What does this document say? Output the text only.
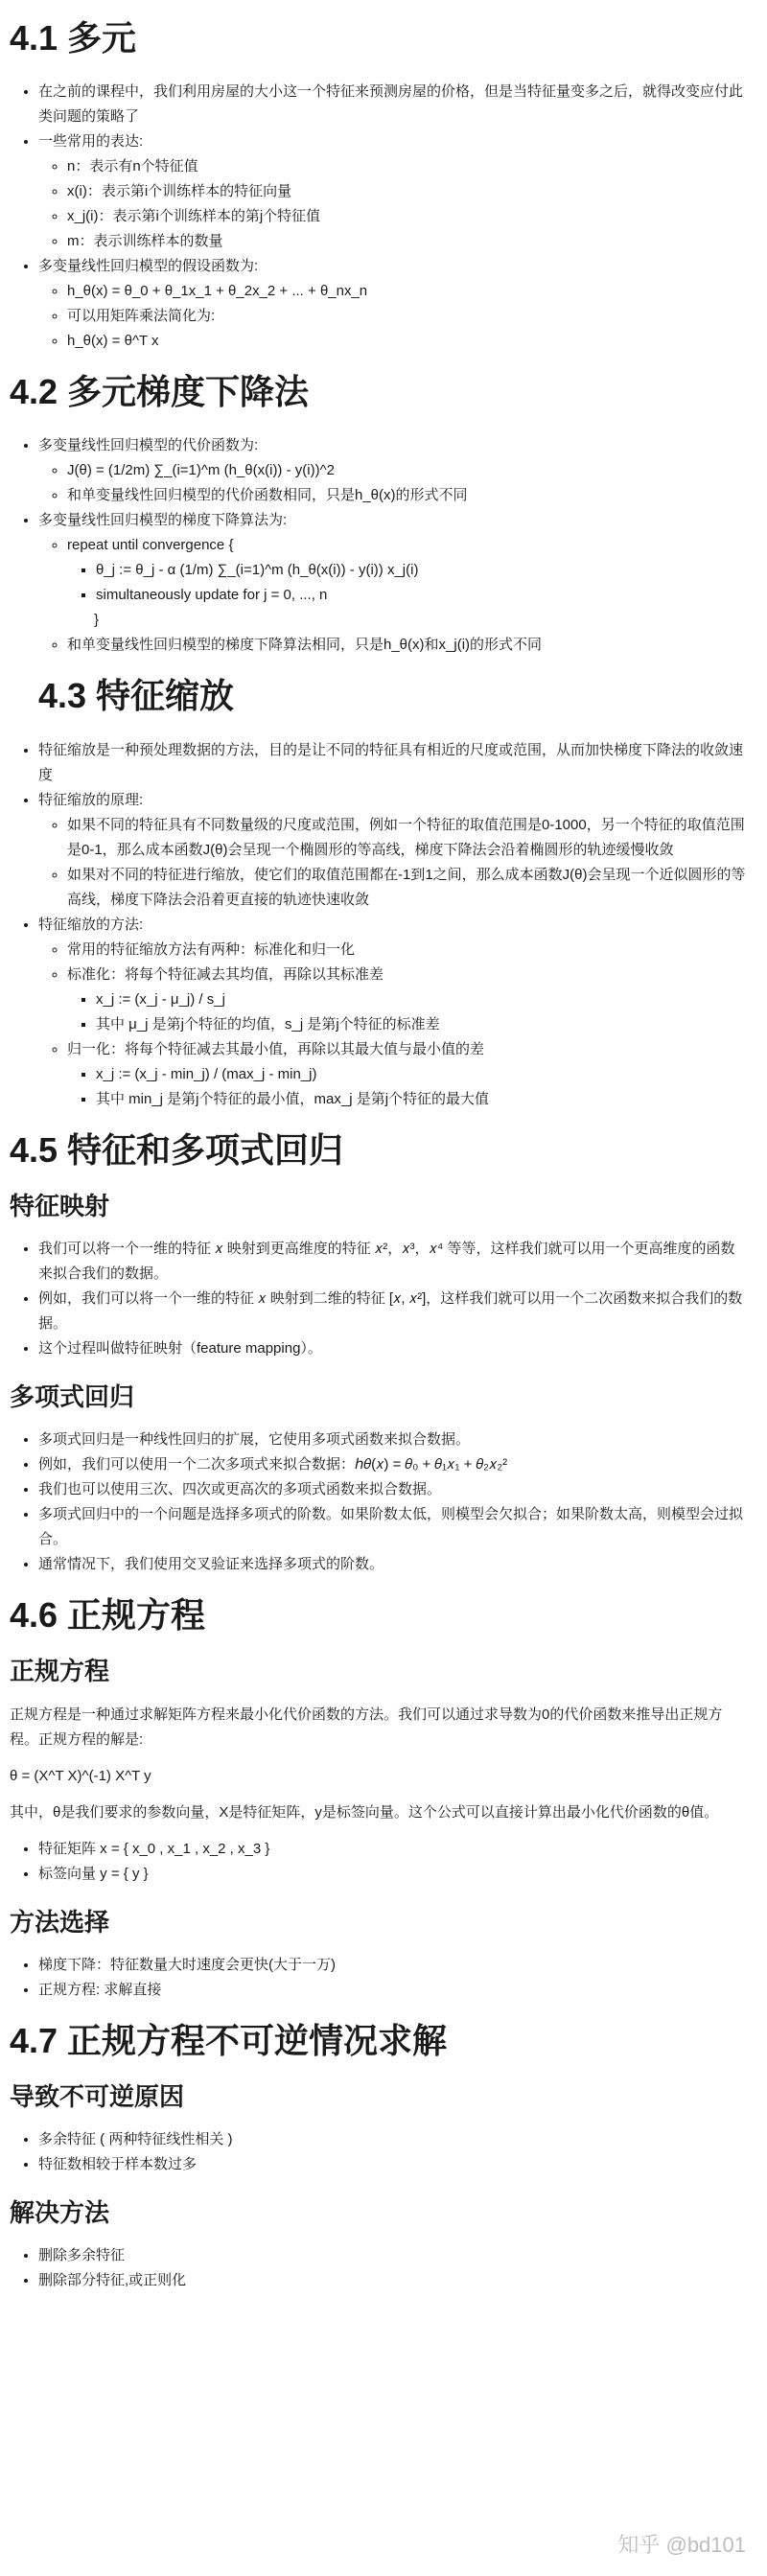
4.1 多元
• 在之前的课程中，我们利用房屋的大小这一个特征来预测房屋的价格，但是当特征量变多之后，就得改变应付此类问题的策略了
• 一些常用的表达:
◦ n：表示有n个特征值
◦ x(i)：表示第i个训练样本的特征向量
◦ x_j(i)：表示第i个训练样本的第j个特征值
◦ m：表示训练样本的数量
• 多变量线性回归模型的假设函数为:
◦ h_θ(x) = θ_0 + θ_1x_1 + θ_2x_2 + ... + θ_nx_n
◦ 可以用矩阵乘法简化为:
◦ h_θ(x) = θ^T x
4.2 多元梯度下降法
• 多变量线性回归模型的代价函数为:
◦ J(θ) = (1/2m) ∑_(i=1)^m (h_θ(x(i)) - y(i))^2
◦ 和单变量线性回归模型的代价函数相同，只是h_θ(x)的形式不同
• 多变量线性回归模型的梯度下降算法为:
◦ repeat until convergence {
▪ θ_j := θ_j - α (1/m) ∑_(i=1)^m (h_θ(x(i)) - y(i)) x_j(i)
▪ simultaneously update for j = 0, ..., n
}
◦ 和单变量线性回归模型的梯度下降算法相同，只是h_θ(x)和x_j(i)的形式不同
4.3 特征缩放
• 特征缩放是一种预处理数据的方法，目的是让不同的特征具有相近的尺度或范围，从而加快梯度下降法的收敛速度
• 特征缩放的原理:
◦ 如果不同的特征具有不同数量级的尺度或范围，例如一个特征的取值范围是0-1000，另一个特征的取值范围是0-1，那么成本函数J(θ)会呈现一个椭圆形的等高线，梯度下降法会沿着椭圆形的轨迹缓慢收敛
◦ 如果对不同的特征进行缩放，使它们的取值范围都在-1到1之间，那么成本函数J(θ)会呈现一个近似圆形的等高线，梯度下降法会沿着更直接的轨迹快速收敛
• 特征缩放的方法:
◦ 常用的特征缩放方法有两种：标准化和归一化
◦ 标准化：将每个特征减去其均值，再除以其标准差
▪ x_j := (x_j - μ_j) / s_j
▪ 其中 μ_j 是第j个特征的均值，s_j 是第j个特征的标准差
◦ 归一化：将每个特征减去其最小值，再除以其最大值与最小值的差
▪ x_j := (x_j - min_j) / (max_j - min_j)
▪ 其中 min_j 是第j个特征的最小值，max_j 是第j个特征的最大值
4.5 特征和多项式回归
特征映射
• 我们可以将一个一维的特征 𝑥 映射到更高维度的特征 𝑥²，𝑥³，𝑥⁴ 等等，这样我们就可以用一个更高维度的函数来拟合我们的数据。
• 例如，我们可以将一个一维的特征 𝑥 映射到二维的特征 [𝑥, 𝑥²]，这样我们就可以用一个二次函数来拟合我们的数据。
• 这个过程叫做特征映射（feature mapping）。
多项式回归
• 多项式回归是一种线性回归的扩展，它使用多项式函数来拟合数据。
• 例如，我们可以使用一个二次多项式来拟合数据：ℎ𝜃(𝑥) = 𝜃₀ + 𝜃₁𝑥₁ + 𝜃₂𝑥₂²
• 我们也可以使用三次、四次或更高次的多项式函数来拟合数据。
• 多项式回归中的一个问题是选择多项式的阶数。如果阶数太低，则模型会欠拟合；如果阶数太高，则模型会过拟合。
• 通常情况下，我们使用交叉验证来选择多项式的阶数。
4.6 正规方程
正规方程

正规方程是一种通过求解矩阵方程来最小化代价函数的方法。我们可以通过求导数为0的代价函数来推导出正规方程。正规方程的解是:

θ = (X^T X)^(-1) X^T y

其中，θ是我们要求的参数向量，X是特征矩阵，y是标签向量。这个公式可以直接计算出最小化代价函数的θ值。

• 特征矩阵 x = { x_0 , x_1 , x_2 , x_3 }
• 标签向量 y = { y }
方法选择
• 梯度下降：特征数量大时速度会更快(大于一万)
• 正规方程: 求解直接
4.7 正规方程不可逆情况求解
导致不可逆原因
• 多余特征 ( 两种特征线性相关 )
• 特征数相较于样本数过多
解决方法
• 删除多余特征
• 删除部分特征,或正则化
知乎 @bd101
